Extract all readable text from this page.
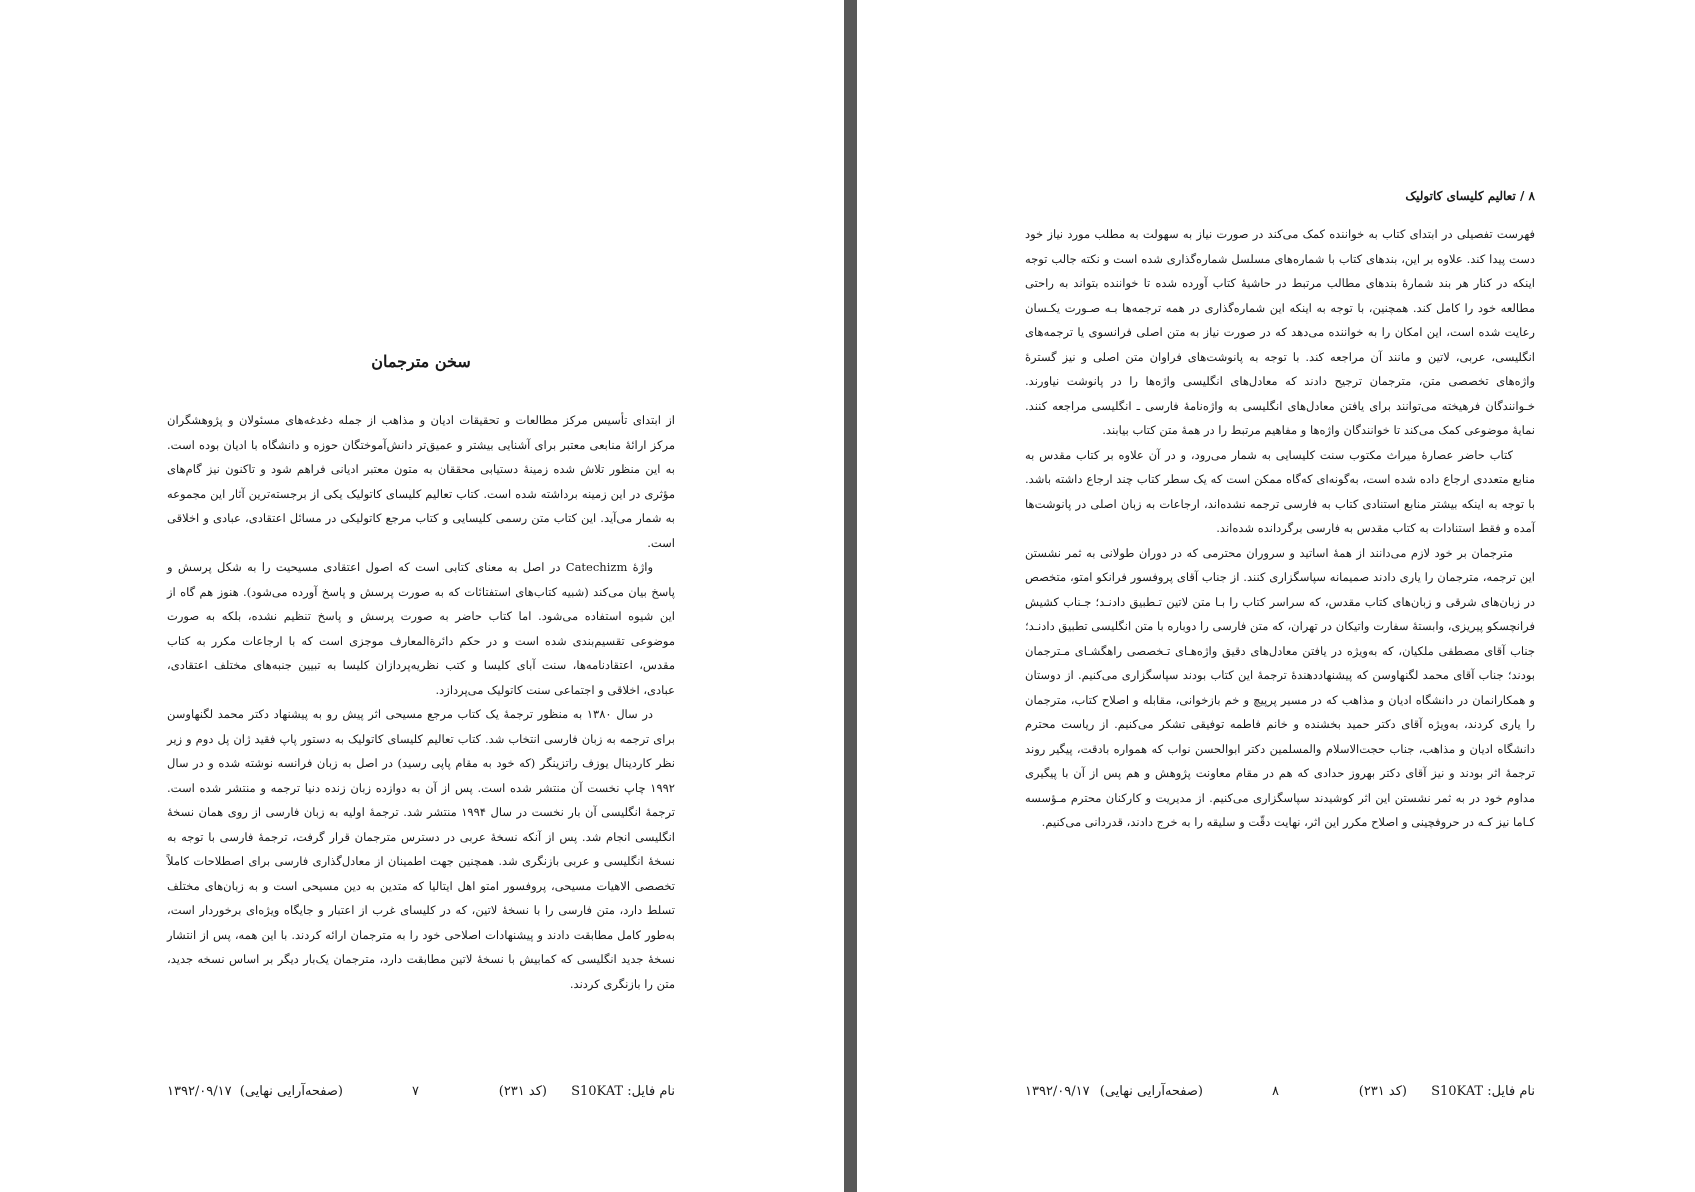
سخن مترجمان

از ابتدای تأسیس مرکز مطالعات و تحقیقات ادیان و مذاهب از جمله دغدغه‌های مسئولان و پژوهشگران مرکز ارائهٔ منابعی معتبر برای آشنایی بیشتر و عمیق‌تر دانش‌آموختگان حوزه و دانشگاه با ادیان بوده است. به این منظور تلاش شده زمینهٔ دستیابی محققان به متون معتبر ادیانی فراهم شود و تاکنون نیز گام‌های مؤثری در این زمینه برداشته شده است. کتاب تعالیم کلیسای کاتولیک یکی از برجسته‌ترین آثار این مجموعه به شمار می‌آید. این کتاب متن رسمی کلیسایی و کتاب مرجع کاتولیکی در مسائل اعتقادی، عبادی و اخلاقی است.

واژهٔ Catechizm در اصل به معنای کتابی است که اصول اعتقادی مسیحیت را به شکل پرسش و پاسخ بیان می‌کند (شبیه کتاب‌های استفتائات که به صورت پرسش و پاسخ آورده می‌شود). هنوز هم گاه از این شیوه استفاده می‌شود. اما کتاب حاضر به صورت پرسش و پاسخ تنظیم نشده، بلکه به صورت موضوعی تقسیم‌بندی شده است و در حکم دائرةالمعارف موجزی است که با ارجاعات مکرر به کتاب مقدس، اعتقادنامه‌ها، سنت آبای کلیسا و کتب نظریه‌پردازان کلیسا به تبیین جنبه‌های مختلف اعتقادی، عبادی، اخلاقی و اجتماعی سنت کاتولیک می‌پردازد.

در سال ۱۳۸۰ به منظور ترجمهٔ یک کتاب مرجع مسیحی اثر پیش رو به پیشنهاد دکتر محمد لگنهاوسن برای ترجمه به زبان فارسی انتخاب شد. کتاب تعالیم کلیسای کاتولیک به دستور پاپ فقید ژان پل دوم و زیر نظر کاردینال یوزف راتزینگر (که خود به مقام پاپی رسید) در اصل به زبان فرانسه نوشته شده و در سال ۱۹۹۲ چاپ نخست آن منتشر شده است. پس از آن به دوازده زبان زنده دنیا ترجمه و منتشر شده است. ترجمهٔ انگلیسی آن بار نخست در سال ۱۹۹۴ منتشر شد. ترجمهٔ اولیه به زبان فارسی از روی همان نسخهٔ انگلیسی انجام شد. پس از آنکه نسخهٔ عربی در دسترس مترجمان قرار گرفت، ترجمهٔ فارسی با توجه به نسخهٔ انگلیسی و عربی بازنگری شد. همچنین جهت اطمینان از معادل‌گذاری فارسی برای اصطلاحات کاملاً تخصصی الاهیات مسیحی، پروفسور امتو اهل ایتالیا که متدین به دین مسیحی است و به زبان‌های مختلف تسلط دارد، متن فارسی را با نسخهٔ لاتین، که در کلیسای غرب از اعتبار و جایگاه ویژه‌ای برخوردار است، به‌طور کامل مطابقت دادند و پیشنهادات اصلاحی خود را به مترجمان ارائه کردند. با این همه، پس از انتشار نسخهٔ جدید انگلیسی که کمابیش با نسخهٔ لاتین مطابقت دارد، مترجمان یک‌بار دیگر بر اساس نسخه جدید، متن را بازنگری کردند.

نام فایل: S10KAT
(کد ۲۳۱)
۷
(صفحه‌آرایی نهایی)
۱۳۹۲/۰۹/۱۷
۸ / تعالیم کلیسای کاتولیک

فهرست تفصیلی در ابتدای کتاب به خواننده کمک می‌کند در صورت نیاز به سهولت به مطلب مورد نیاز خود دست پیدا کند. علاوه بر این، بندهای کتاب با شماره‌های مسلسل شماره‌گذاری شده است و نکته جالب توجه اینکه در کنار هر بند شمارهٔ بندهای مطالب مرتبط در حاشیهٔ کتاب آورده شده تا خواننده بتواند به راحتی مطالعه خود را کامل کند. همچنین، با توجه به اینکه این شماره‌گذاری در همه ترجمه‌ها بـه صـورت یکـسان رعایت شده است، این امکان را به خواننده می‌دهد که در صورت نیاز به متن اصلی فرانسوی یا ترجمه‌های انگلیسی، عربی، لاتین و مانند آن مراجعه کند. با توجه به پانوشت‌های فراوان متن اصلی و نیز گسترهٔ واژه‌های تخصصی متن، مترجمان ترجیح دادند که معادل‌های انگلیسی واژه‌ها را در پانوشت نیاورند. خـوانندگان فرهیخته می‌توانند برای یافتن معادل‌های انگلیسی به واژه‌نامهٔ فارسی ـ انگلیسی مراجعه کنند. نمایهٔ موضوعی کمک می‌کند تا خوانندگان واژه‌ها و مفاهیم مرتبط را در همهٔ متن کتاب بیابند.

کتاب حاضر عصارهٔ میراث مکتوب سنت کلیسایی به شمار می‌رود، و در آن علاوه بر کتاب مقدس به منابع متعددی ارجاع داده شده است، به‌گونه‌ای که‌گاه ممکن است که یک سطر کتاب چند ارجاع داشته باشد. با توجه به اینکه بیشتر منابع استنادی کتاب به فارسی ترجمه نشده‌اند، ارجاعات به زبان اصلی در پانوشت‌ها آمده و فقط استنادات به کتاب مقدس به فارسی برگردانده شده‌اند.

مترجمان بر خود لازم می‌دانند از همهٔ اساتید و سروران محترمی که در دوران طولانی به ثمر نشستن این ترجمه، مترجمان را یاری دادند صمیمانه سپاسگزاری کنند. از جناب آقای پروفسور فرانکو امتو، متخصص در زبان‌های شرقی و زبان‌های کتاب مقدس، که سراسر کتاب را بـا متن لاتین تـطبیق دادنـد؛ جـناب کشیش فرانچسکو پیریزی، وابستهٔ سفارت واتیکان در تهران، که متن فارسی را دوباره با متن انگلیسی تطبیق دادنـد؛ جناب آقای مصطفی ملکیان، که به‌ویژه در یافتن معادل‌های دقیق واژه‌هـای تـخصصی راهگشـای مـترجمان بودند؛ جناب آقای محمد لگنهاوسن که پیشنهاددهندهٔ ترجمهٔ این کتاب بودند سپاسگزاری می‌کنیم. از دوستان و همکارانمان در دانشگاه ادیان و مذاهب که در مسیر پرپیچ و خم بازخوانی، مقابله و اصلاح کتاب، مترجمان را یاری کردند، به‌ویژه آقای دکتر حمید بخشنده و خانم فاطمه توفیقی تشکر می‌کنیم. از ریاست محترم دانشگاه ادیان و مذاهب، جناب حجت‌الاسلام والمسلمین دکتر ابوالحسن نواب که همواره بادقت، پیگیر روند ترجمهٔ اثر بودند و نیز آقای دکتر بهروز حدادی که هم در مقام معاونت پژوهش و هم پس از آن با پیگیری مداوم خود در به ثمر نشستن این اثر کوشیدند سپاسگزاری می‌کنیم. از مدیریت و کارکنان محترم مـؤسسه کـاما نیز کـه در حروفچینی و اصلاح مکرر این اثر، نهایت دقّت و سلیقه را به خرج دادند، قدردانی می‌کنیم.

نام فایل: S10KAT
(کد ۲۳۱)
۸
(صفحه‌آرایی نهایی)
۱۳۹۲/۰۹/۱۷
